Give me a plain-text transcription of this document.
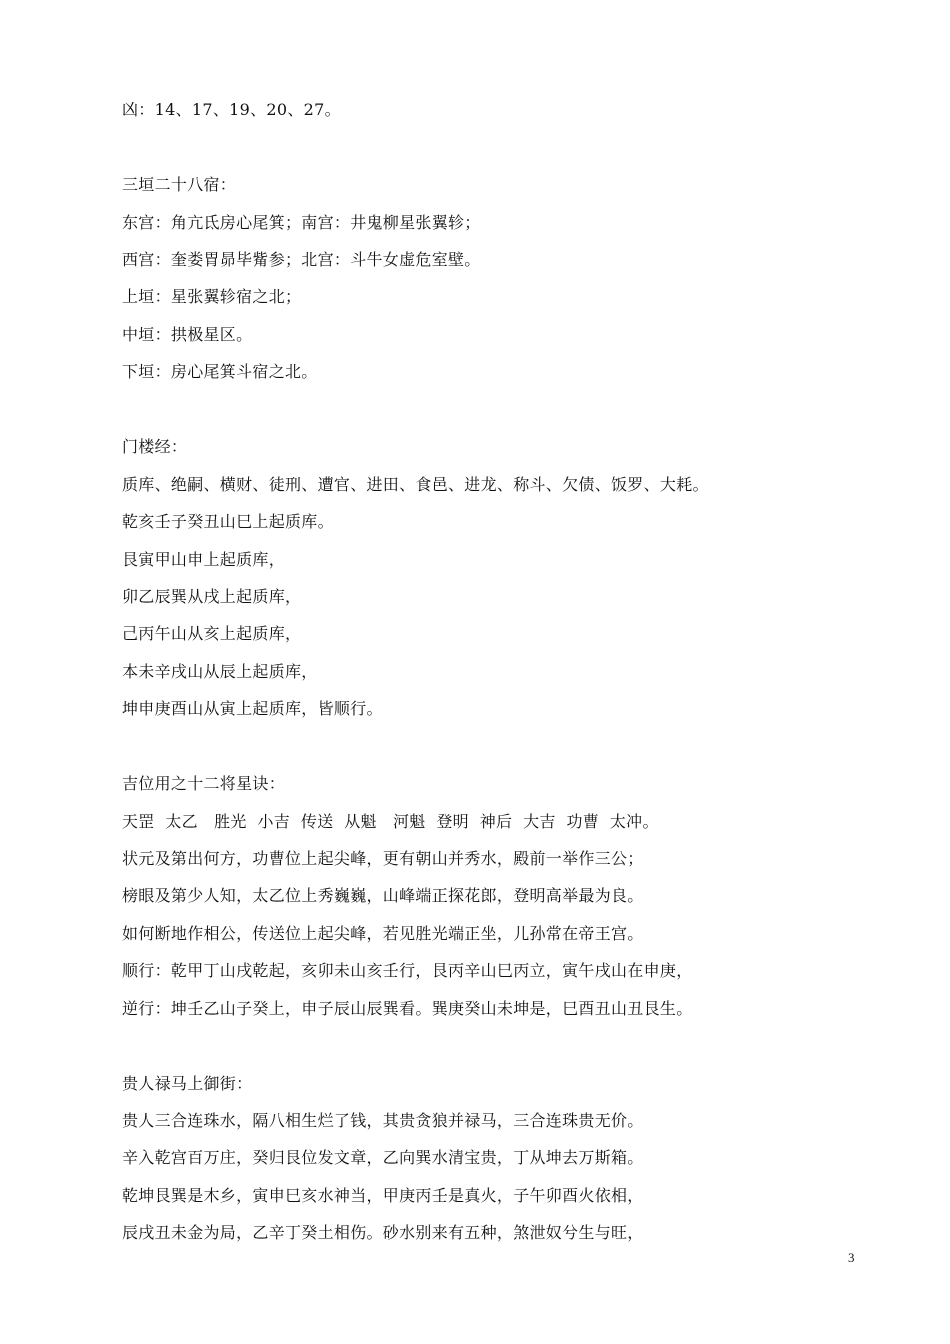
凶：14、17、19、20、27。
三垣二十八宿：
东宫：角亢氐房心尾箕；南宫：井鬼柳星张翼轸；
西宫：奎娄胃昴毕觜参；北宫：斗牛女虚危室壁。
上垣：星张翼轸宿之北；
中垣：拱极星区。
下垣：房心尾箕斗宿之北。
门楼经：
质库、绝嗣、横财、徒刑、遭官、进田、食邑、进龙、称斗、欠债、饭罗、大耗。
乾亥壬子癸丑山巳上起质库。
艮寅甲山申上起质库，
卯乙辰巽从戌上起质库，
己丙午山从亥上起质库，
本未辛戌山从辰上起质库，
坤申庚酉山从寅上起质库，皆顺行。
吉位用之十二将星诀：
天罡  太乙   胜光  小吉  传送  从魁   河魁  登明  神后  大吉  功曹  太冲。
状元及第出何方，功曹位上起尖峰，更有朝山并秀水，殿前一举作三公；
榜眼及第少人知，太乙位上秀巍巍，山峰端正探花郎，登明高举最为良。
如何断地作相公，传送位上起尖峰，若见胜光端正坐，儿孙常在帝王宫。
顺行：乾甲丁山戌乾起，亥卯未山亥壬行，艮丙辛山巳丙立，寅午戌山在申庚，
逆行：坤壬乙山子癸上，申子辰山辰巽看。巽庚癸山未坤是，巳酉丑山丑艮生。
贵人禄马上御街：
贵人三合连珠水，隔八相生烂了钱，其贵贪狼并禄马，三合连珠贵无价。
辛入乾宫百万庄，癸归艮位发文章，乙向巽水清宝贵，丁从坤去万斯箱。
乾坤艮巽是木乡，寅申巳亥水神当，甲庚丙壬是真火，子午卯酉火依相，
辰戌丑未金为局，乙辛丁癸土相伤。砂水别来有五种，煞泄奴兮生与旺，
3
